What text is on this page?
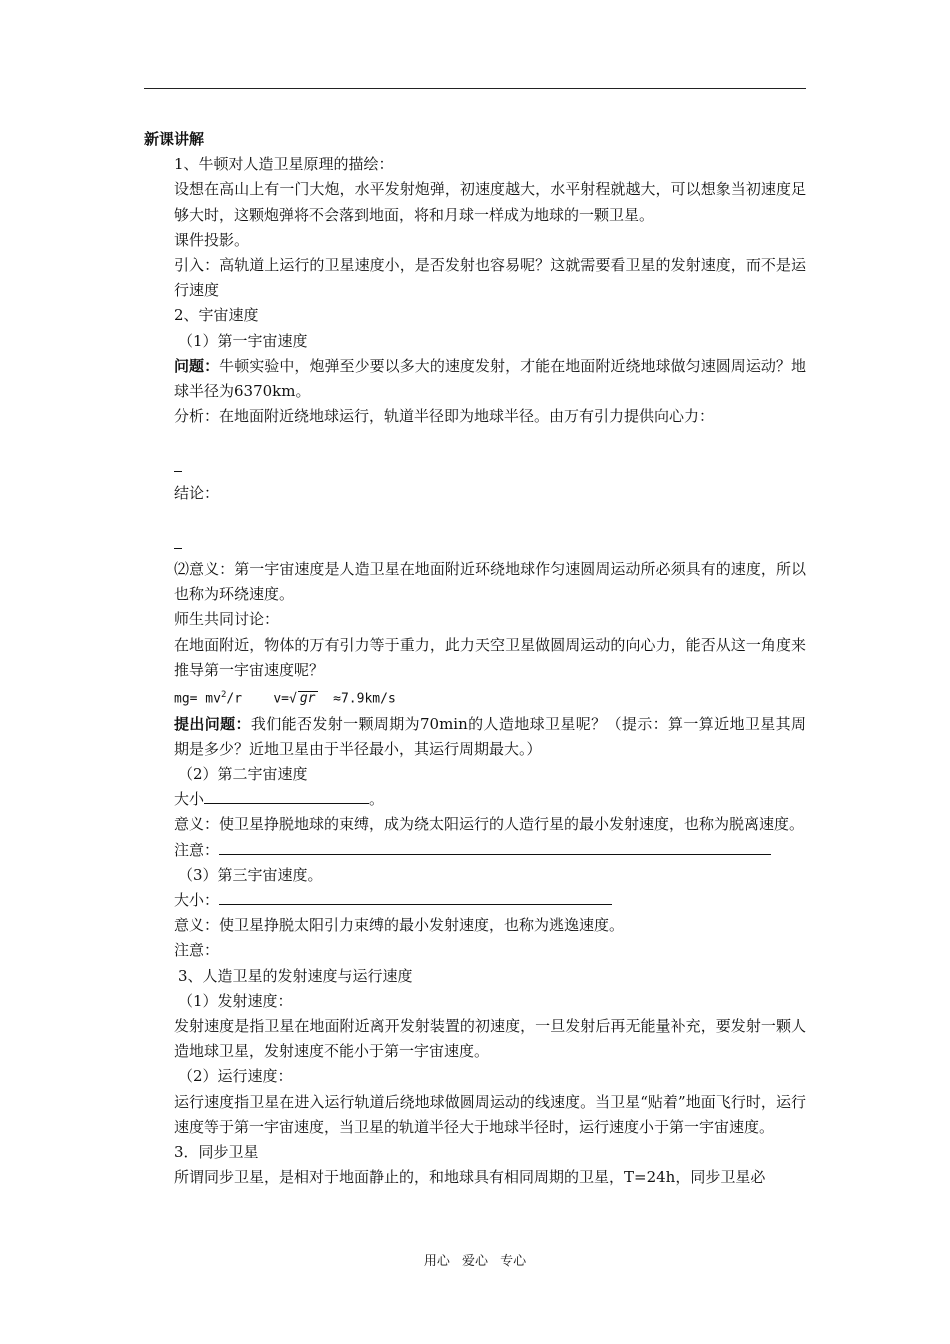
新课讲解

1、牛顿对人造卫星原理的描绘：

设想在高山上有一门大炮，水平发射炮弹，初速度越大，水平射程就越大，可以想象当初速度足够大时，这颗炮弹将不会落到地面，将和月球一样成为地球的一颗卫星。

课件投影。

引入：高轨道上运行的卫星速度小，是否发射也容易呢？这就需要看卫星的发射速度，而不是运行速度

2、宇宙速度

（1）第一宇宙速度

问题：牛顿实验中，炮弹至少要以多大的速度发射，才能在地面附近绕地球做匀速圆周运动？地球半径为6370km。

分析：在地面附近绕地球运行，轨道半径即为地球半径。由万有引力提供向心力：

结论：

⑵意义：第一宇宙速度是人造卫星在地面附近环绕地球作匀速圆周运动所必须具有的速度，所以也称为环绕速度。

师生共同讨论：

在地面附近，物体的万有引力等于重力，此力天空卫星做圆周运动的向心力，能否从这一角度来推导第一宇宙速度呢？

$mg= mv^2/r$ v=√ gr ≈7.9km/s

提出问题：我们能否发射一颗周期为70min的人造地球卫星呢？（提示：算一算近地卫星其周期是多少？近地卫星由于半径最小，其运行周期最大。）

（2）第二宇宙速度

大小	。

意义：使卫星挣脱地球的束缚，成为绕太阳运行的人造行星的最小发射速度，也称为脱离速度。

注意：

（3）第三宇宙速度。

大小：

意义：使卫星挣脱太阳引力束缚的最小发射速度，也称为逃逸速度。

注意：

3、人造卫星的发射速度与运行速度

（1）发射速度：

发射速度是指卫星在地面附近离开发射装置的初速度，一旦发射后再无能量补充，要发射一颗人造地球卫星，发射速度不能小于第一宇宙速度。

（2）运行速度：

运行速度指卫星在进入运行轨道后绕地球做圆周运动的线速度。当卫星“贴着”地面飞行时，运行速度等于第一宇宙速度，当卫星的轨道半径大于地球半径时，运行速度小于第一宇宙速度。

3．同步卫星

所谓同步卫星，是相对于地面静止的，和地球具有相同周期的卫星，T=24h，同步卫星必

用心 爱心 专心
